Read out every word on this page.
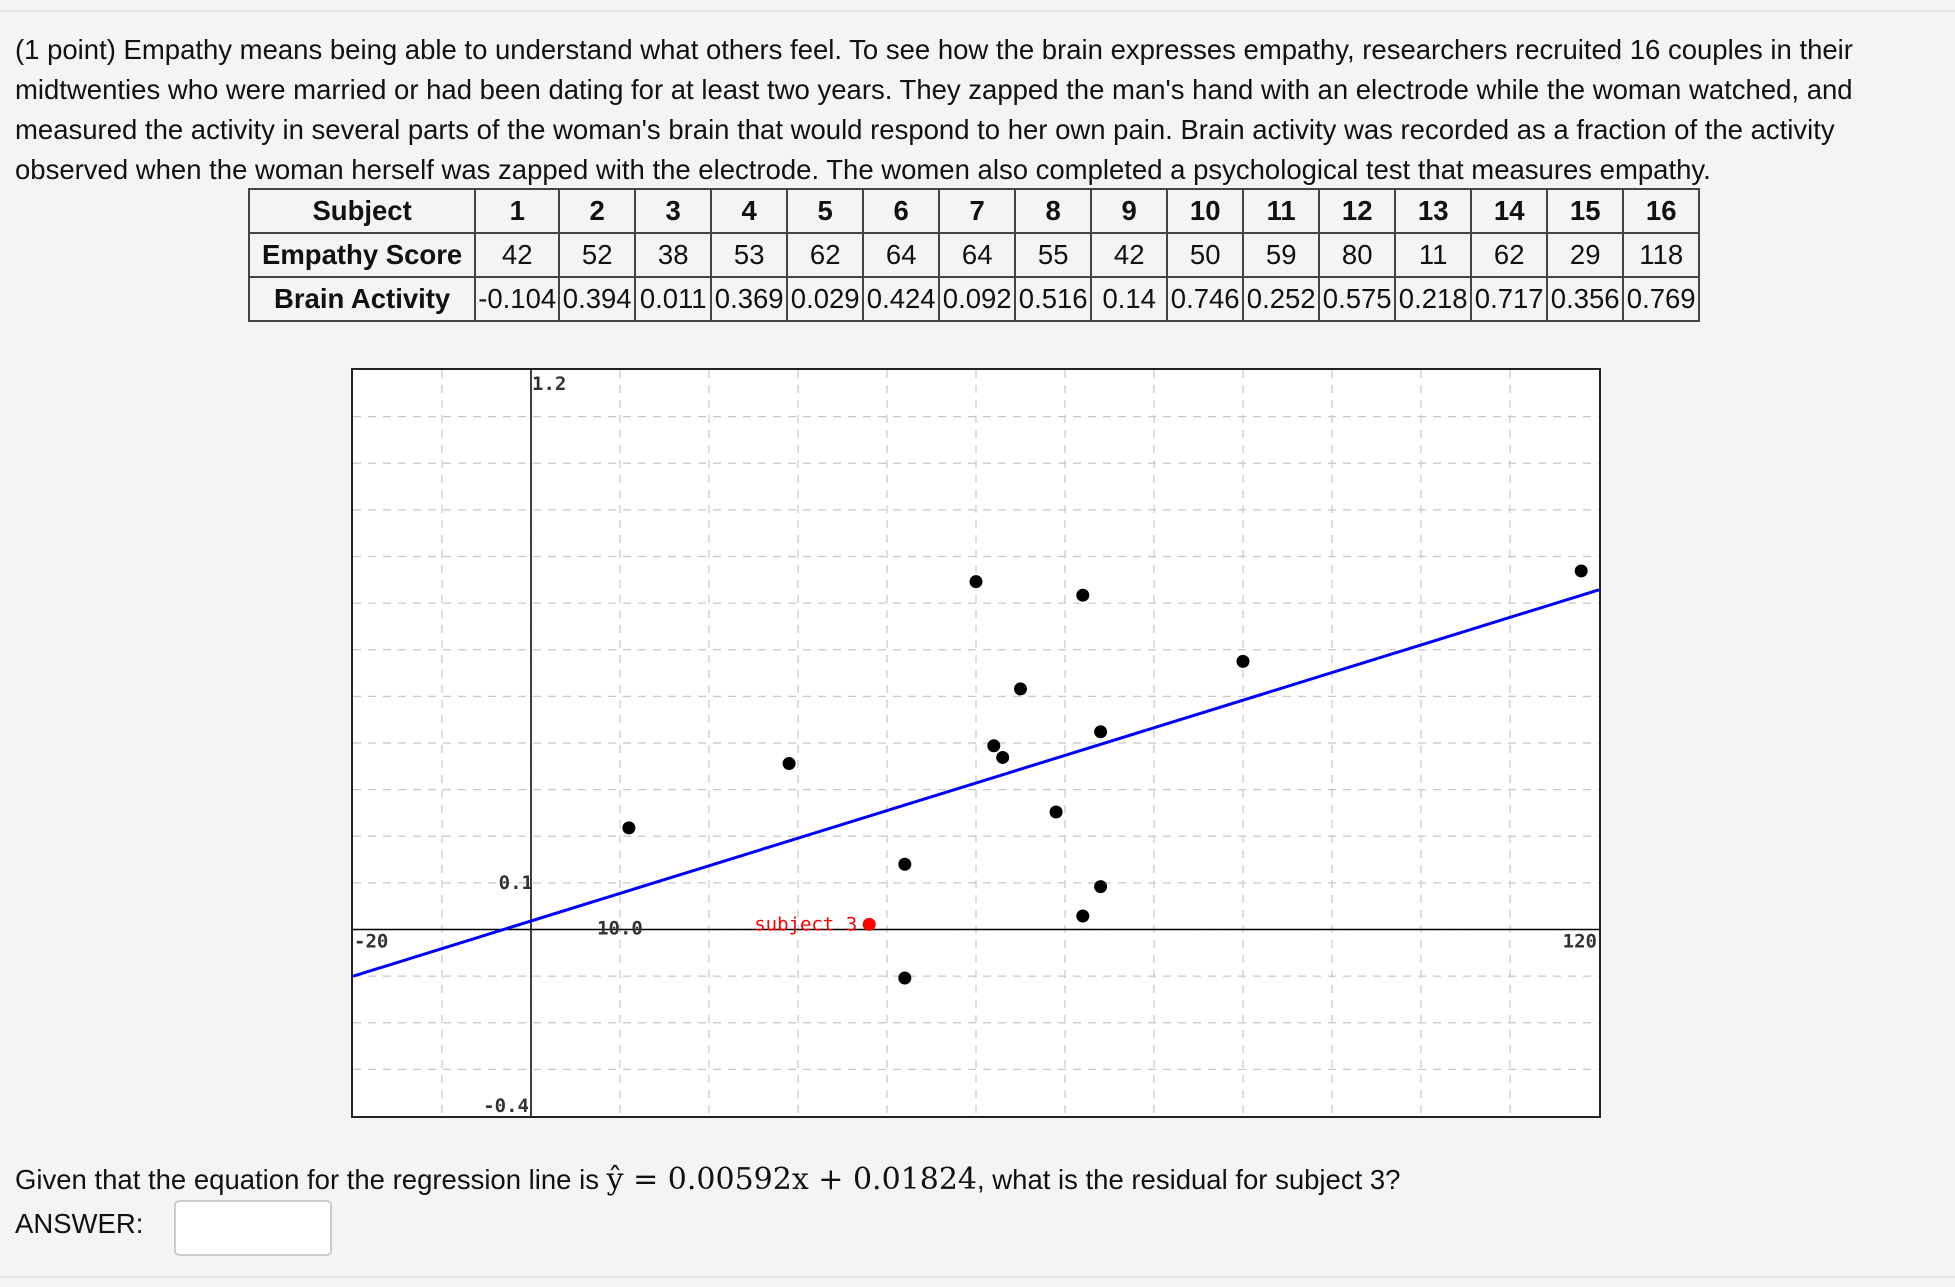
(1 point) Empathy means being able to understand what others feel. To see how the brain expresses empathy, researchers recruited 16 couples in their midtwenties who were married or had been dating for at least two years. They zapped the man's hand with an electrode while the woman watched, and measured the activity in several parts of the woman's brain that would respond to her own pain. Brain activity was recorded as a fraction of the activity observed when the woman herself was zapped with the electrode. The women also completed a psychological test that measures empathy.
Subject	1	2	3	4	5	6	7	8	9	10	11	12	13	14	15	16
Empathy Score	42	52	38	53	62	64	64	55	42	50	59	80	11	62	29	118
Brain Activity	-0.104	0.394	0.011	0.369	0.029	0.424	0.092	0.516	0.14	0.746	0.252	0.575	0.218	0.717	0.356	0.769
1.2
-0.4
0.1
10.0
-20	120
subject 3
Given that the equation for the regression line is ŷ = 0.00592x + 0.01824, what is the residual for subject 3?
ANSWER:
